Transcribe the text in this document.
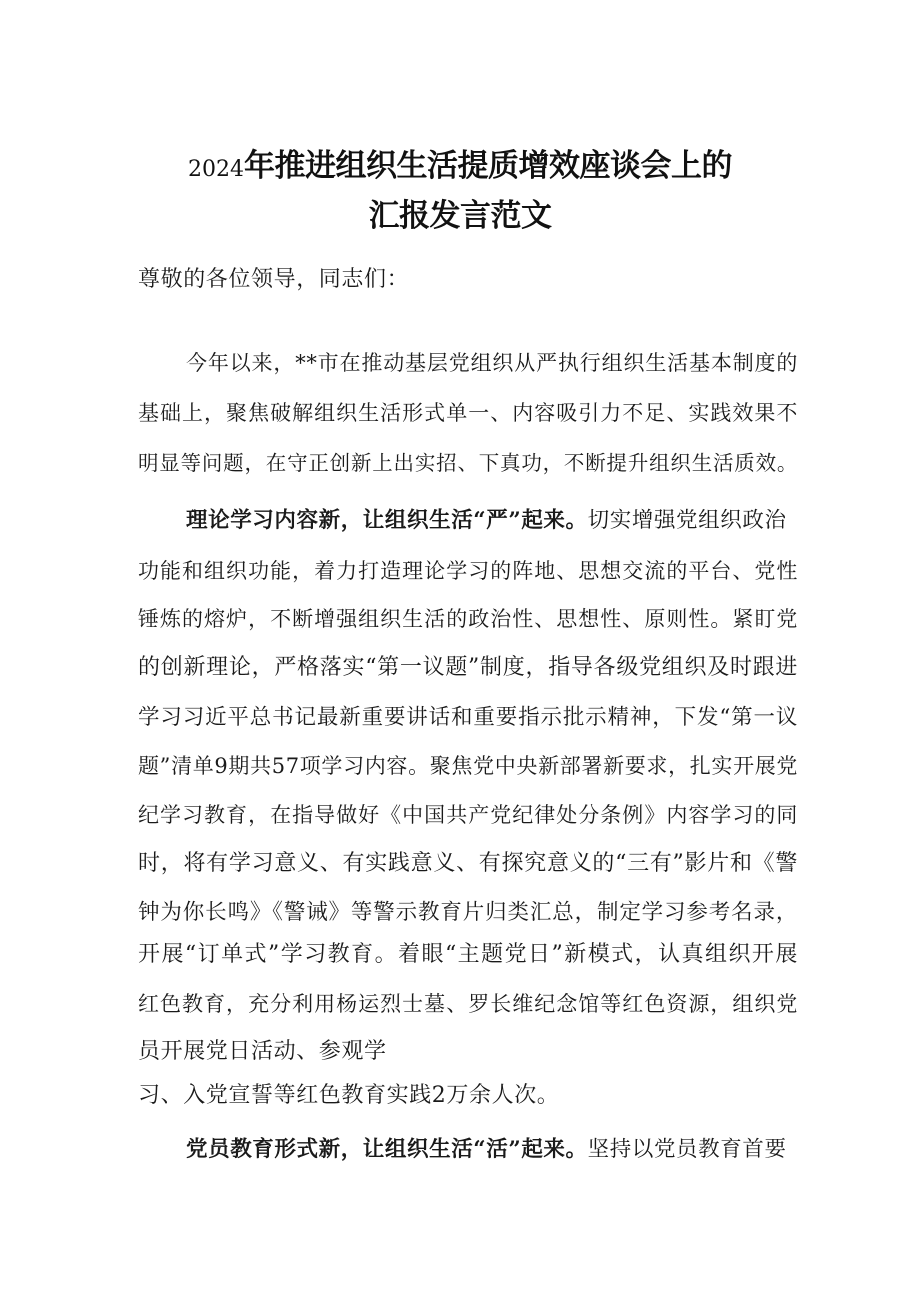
2024年推进组织生活提质增效座谈会上的
汇报发言范文
尊敬的各位领导，同志们：
今年以来，**市在推动基层党组织从严执行组织生活基本制度的
基础上，聚焦破解组织生活形式单一、内容吸引力不足、实践效果不
明显等问题，在守正创新上出实招、下真功，不断提升组织生活质效。
理论学习内容新，让组织生活“严”起来。切实增强党组织政治
功能和组织功能，着力打造理论学习的阵地、思想交流的平台、党性
锤炼的熔炉，不断增强组织生活的政治性、思想性、原则性。紧盯党
的创新理论，严格落实“第一议题”制度，指导各级党组织及时跟进
学习习近平总书记最新重要讲话和重要指示批示精神，下发“第一议
题”清单9期共57项学习内容。聚焦党中央新部署新要求，扎实开展党
纪学习教育，在指导做好《中国共产党纪律处分条例》内容学习的同
时，将有学习意义、有实践意义、有探究意义的“三有”影片和《警
钟为你长鸣》《警诫》等警示教育片归类汇总，制定学习参考名录，
开展“订单式”学习教育。着眼“主题党日”新模式，认真组织开展
红色教育，充分利用杨运烈士墓、罗长维纪念馆等红色资源，组织党
员开展党日活动、参观学
习、入党宣誓等红色教育实践2万余人次。
党员教育形式新，让组织生活“活”起来。坚持以党员教育首要
